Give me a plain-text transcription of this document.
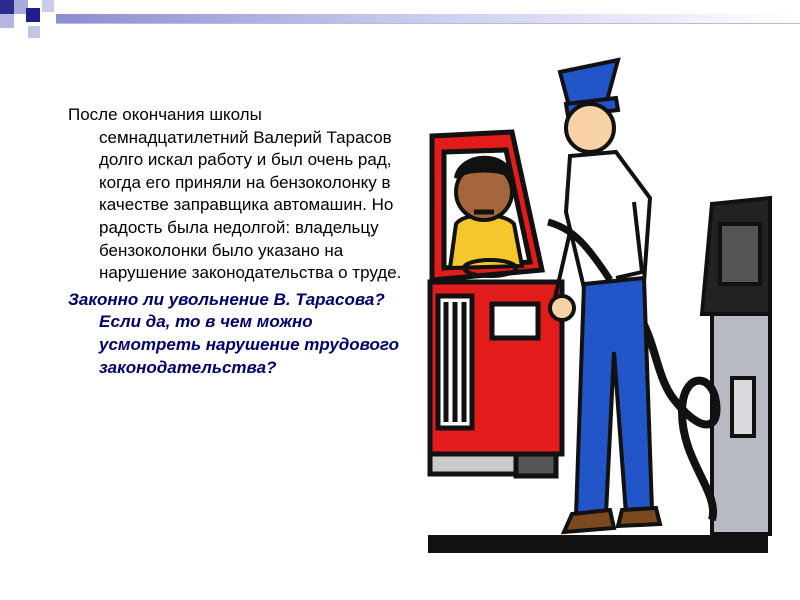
После окончания школы семнадцатилетний Валерий Тарасов долго искал работу и был очень рад, когда его приняли на бензоколонку в качестве заправщика автомашин. Но радость была недолгой: владельцу бензоколонки было указано на нарушение законодательства о труде.

Законно ли увольнение В. Тарасова? Если да, то в чем можно усмотреть нарушение трудового законодательства?
